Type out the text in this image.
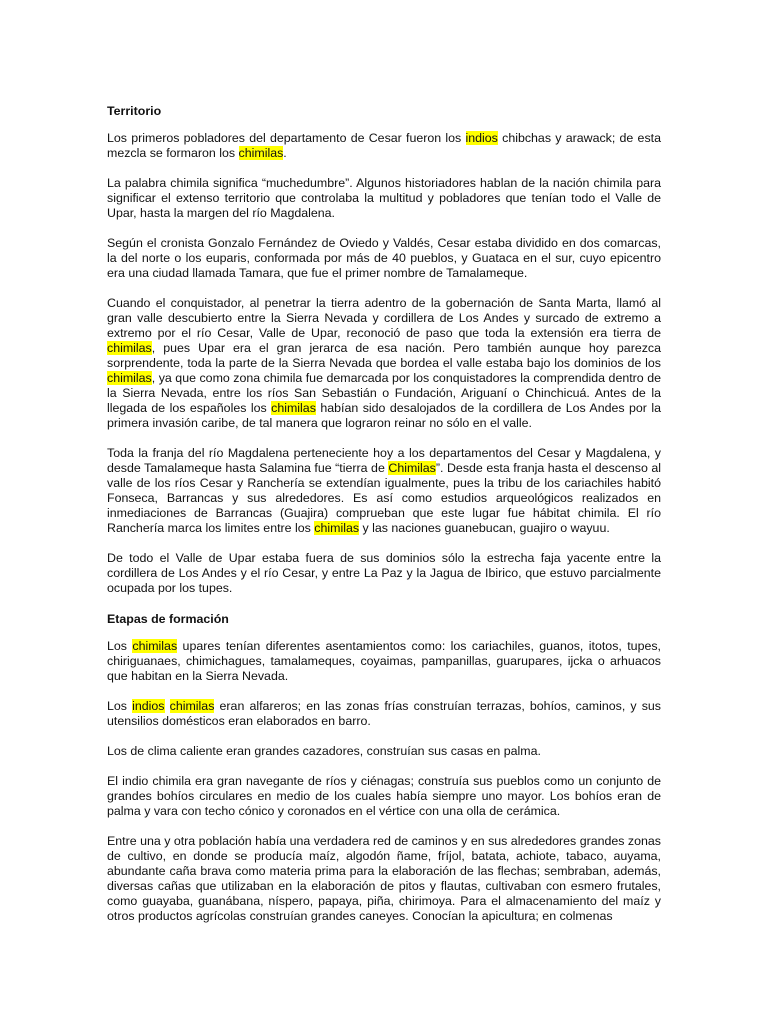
Territorio

Los primeros pobladores del departamento de Cesar fueron los indios chibchas y arawack; de esta mezcla se formaron los chimilas.

La palabra chimila significa “muchedumbre”. Algunos historiadores hablan de la nación chimila para significar el extenso territorio que controlaba la multitud y pobladores que tenían todo el Valle de Upar, hasta la margen del río Magdalena.

Según el cronista Gonzalo Fernández de Oviedo y Valdés, Cesar estaba dividido en dos comarcas, la del norte o los euparis, conformada por más de 40 pueblos, y Guataca en el sur, cuyo epicentro era una ciudad llamada Tamara, que fue el primer nombre de Tamalameque.

Cuando el conquistador, al penetrar la tierra adentro de la gobernación de Santa Marta, llamó al gran valle descubierto entre la Sierra Nevada y cordillera de Los Andes y surcado de extremo a extremo por el río Cesar, Valle de Upar, reconoció de paso que toda la extensión era tierra de chimilas, pues Upar era el gran jerarca de esa nación. Pero también aunque hoy parezca sorprendente, toda la parte de la Sierra Nevada que bordea el valle estaba bajo los dominios de los chimilas, ya que como zona chimila fue demarcada por los conquistadores la comprendida dentro de la Sierra Nevada, entre los ríos San Sebastián o Fundación, Ariguaní o Chinchicuá. Antes de la llegada de los españoles los chimilas habían sido desalojados de la cordillera de Los Andes por la primera invasión caribe, de tal manera que lograron reinar no sólo en el valle.

Toda la franja del río Magdalena perteneciente hoy a los departamentos del Cesar y Magdalena, y desde Tamalameque hasta Salamina fue “tierra de Chimilas”. Desde esta franja hasta el descenso al valle de los ríos Cesar y Ranchería se extendían igualmente, pues la tribu de los cariachiles habitó Fonseca, Barrancas y sus alrededores. Es así como estudios arqueológicos realizados en inmediaciones de Barrancas (Guajira) comprueban que este lugar fue hábitat chimila. El río Ranchería marca los limites entre los chimilas y las naciones guanebucan, guajiro o wayuu.

De todo el Valle de Upar estaba fuera de sus dominios sólo la estrecha faja yacente entre la cordillera de Los Andes y el río Cesar, y entre La Paz y la Jagua de Ibirico, que estuvo parcialmente ocupada por los tupes.

Etapas de formación

Los chimilas upares tenían diferentes asentamientos como: los cariachiles, guanos, itotos, tupes, chiriguanaes, chimichagues, tamalameques, coyaimas, pampanillas, guarupares, ijcka o arhuacos que habitan en la Sierra Nevada.

Los indios chimilas eran alfareros; en las zonas frías construían terrazas, bohíos, caminos, y sus utensilios domésticos eran elaborados en barro.

Los de clima caliente eran grandes cazadores, construían sus casas en palma.

El indio chimila era gran navegante de ríos y ciénagas; construía sus pueblos como un conjunto de grandes bohíos circulares en medio de los cuales había siempre uno mayor. Los bohíos eran de palma y vara con techo cónico y coronados en el vértice con una olla de cerámica.

Entre una y otra población había una verdadera red de caminos y en sus alrededores grandes zonas de cultivo, en donde se producía maíz, algodón ñame, fríjol, batata, achiote, tabaco, auyama, abundante caña brava como materia prima para la elaboración de las flechas; sembraban, además, diversas cañas que utilizaban en la elaboración de pitos y flautas, cultivaban con esmero frutales, como guayaba, guanábana, níspero, papaya, piña, chirimoya. Para el almacenamiento del maíz y otros productos agrícolas construían grandes caneyes. Conocían la apicultura; en colmenas
